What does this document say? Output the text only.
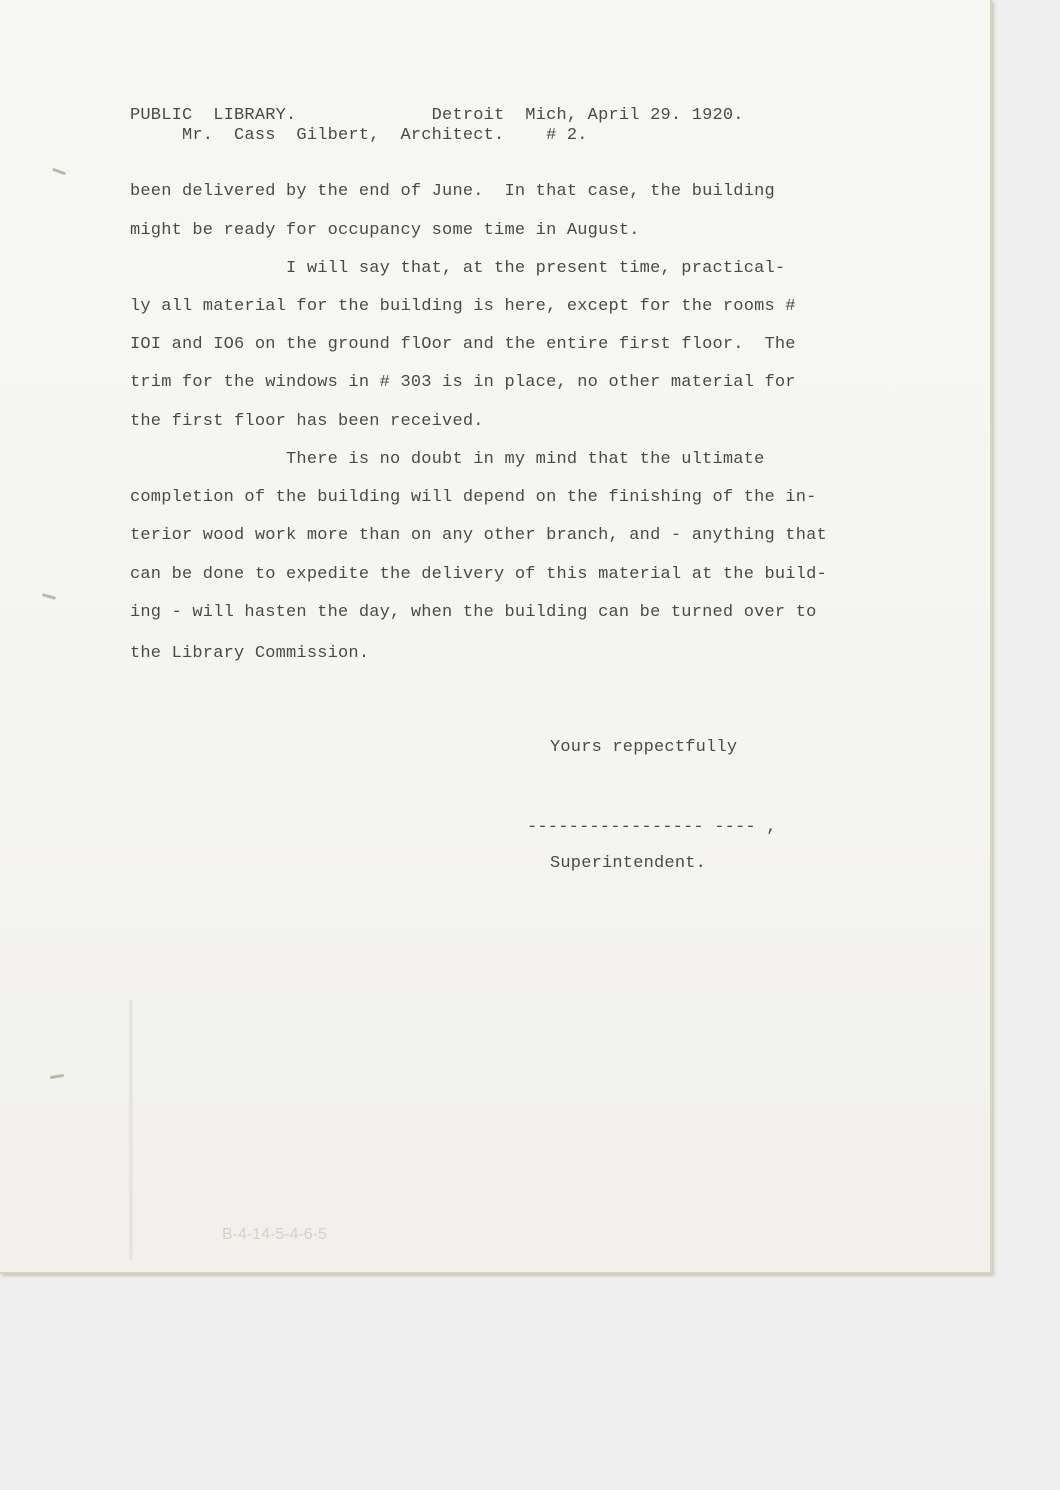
PUBLIC  LIBRARY.             Detroit  Mich, April 29. 1920.
Mr.  Cass  Gilbert,  Architect.    # 2.
been delivered by the end of June.  In that case, the building
might be ready for occupancy some time in August.
I will say that, at the present time, practical-
ly all material for the building is here, except for the rooms #
IOI and IO6 on the ground flOor and the entire first floor.  The
trim for the windows in # 303 is in place, no other material for
the first floor has been received.
There is no doubt in my mind that the ultimate
completion of the building will depend on the finishing of the in-
terior wood work more than on any other branch, and - anything that
can be done to expedite the delivery of this material at the build-
ing - will hasten the day, when the building can be turned over to
the Library Commission.
Yours reppectfully
----------------- ---- ,
Superintendent.
B-4-14-5-4-6-5
